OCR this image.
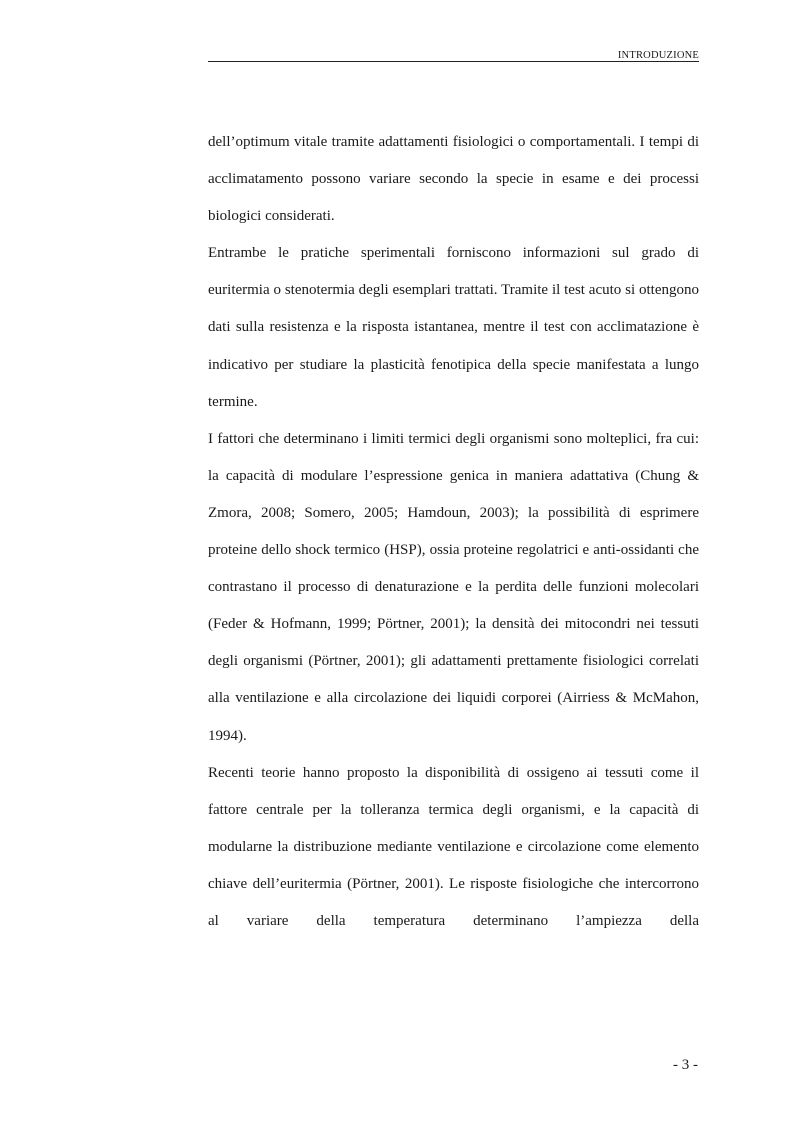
INTRODUZIONE

dell’optimum vitale tramite adattamenti fisiologici o comportamentali. I tempi di acclimatamento possono variare secondo la specie in esame e dei processi biologici considerati.

Entrambe le pratiche sperimentali forniscono informazioni sul grado di euritermia o stenotermia degli esemplari trattati. Tramite il test acuto si ottengono dati sulla resistenza e la risposta istantanea, mentre il test con acclimatazione è indicativo per studiare la plasticità fenotipica della specie manifestata a lungo termine.

I fattori che determinano i limiti termici degli organismi sono molteplici, fra cui: la capacità di modulare l’espressione genica in maniera adattativa (Chung & Zmora, 2008; Somero, 2005; Hamdoun, 2003); la possibilità di esprimere proteine dello shock termico (HSP), ossia proteine regolatrici e anti-ossidanti che contrastano il processo di denaturazione e la perdita delle funzioni molecolari (Feder & Hofmann, 1999; Pörtner, 2001); la densità dei mitocondri nei tessuti degli organismi (Pörtner, 2001); gli adattamenti prettamente fisiologici correlati alla ventilazione e alla circolazione dei liquidi corporei (Airriess & McMahon, 1994).

Recenti teorie hanno proposto la disponibilità di ossigeno ai tessuti come il fattore centrale per la tolleranza termica degli organismi, e la capacità di modularne la distribuzione mediante ventilazione e circolazione come elemento chiave dell’euritermia (Pörtner, 2001). Le risposte fisiologiche che intercorrono al variare della temperatura determinano l’ampiezza della

- 3 -
